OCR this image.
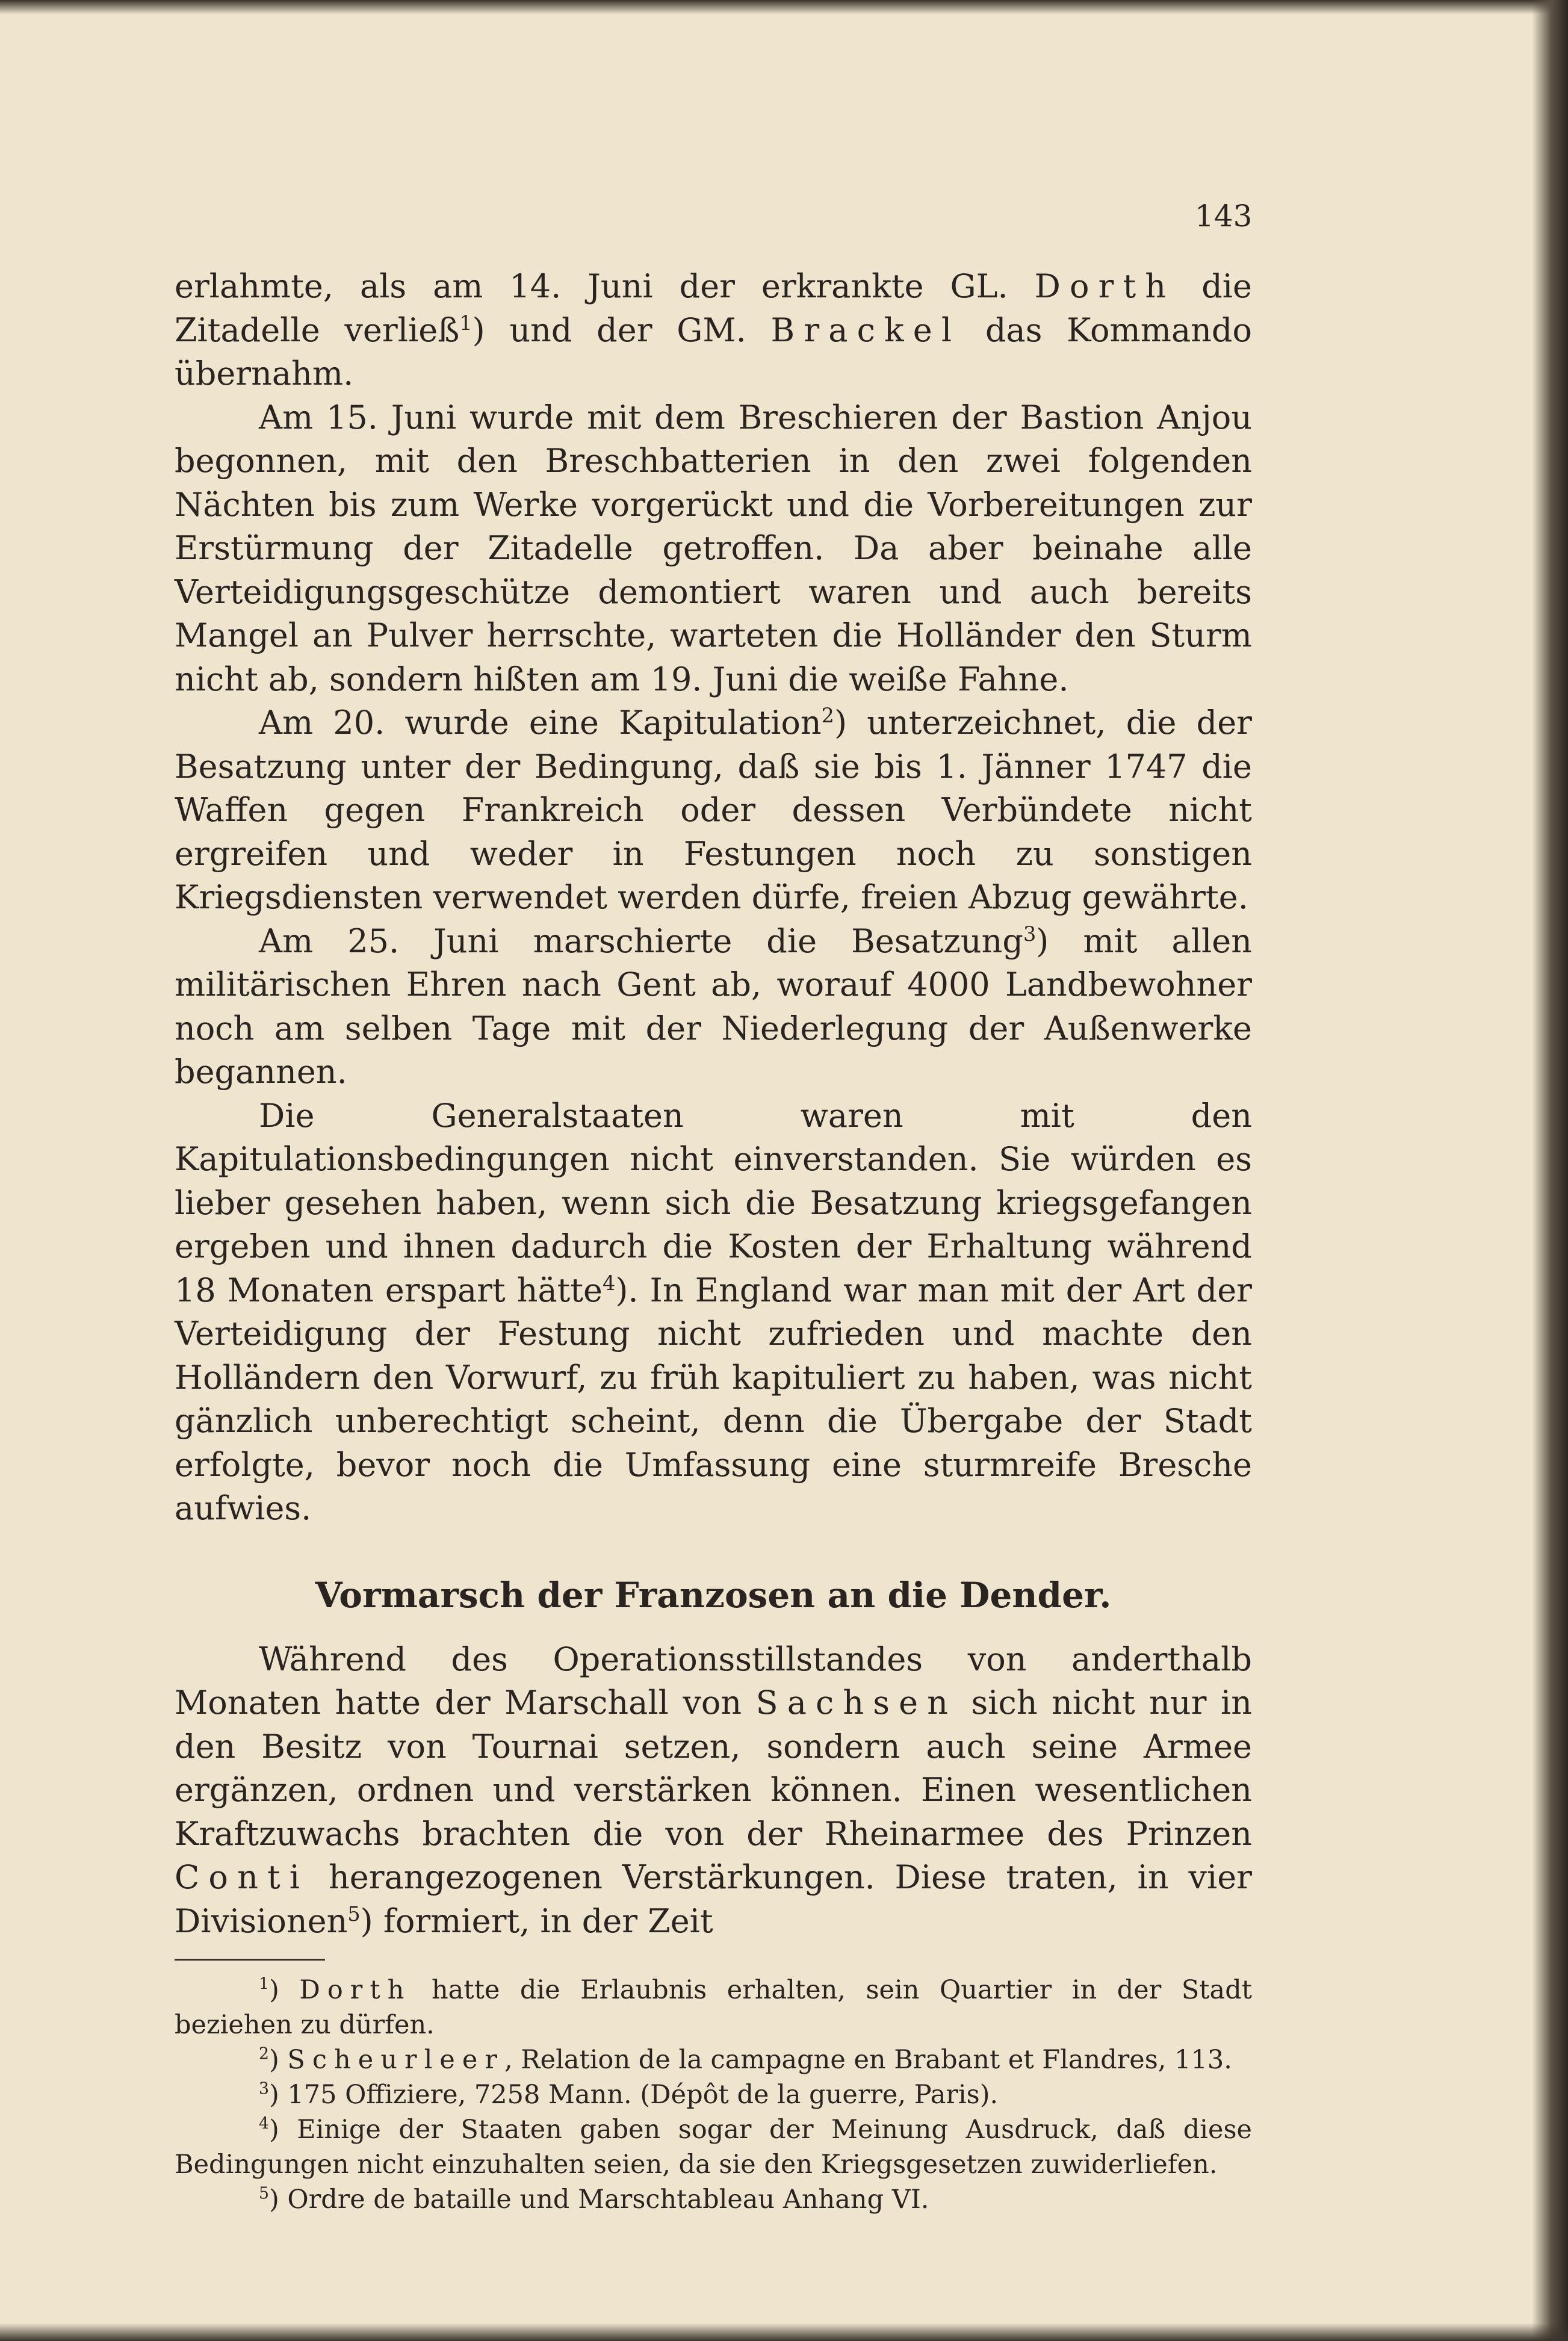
143

erlahmte, als am 14. Juni der erkrankte GL. Dorth die Zitadelle verließ$^1$) und der GM. Brackel das Kommando übernahm.

Am 15. Juni wurde mit dem Breschieren der Bastion Anjou begonnen, mit den Breschbatterien in den zwei folgenden Nächten bis zum Werke vorgerückt und die Vorbereitungen zur Erstürmung der Zitadelle getroffen. Da aber beinahe alle Verteidigungsgeschütze demontiert waren und auch bereits Mangel an Pulver herrschte, warteten die Holländer den Sturm nicht ab, sondern hißten am 19. Juni die weiße Fahne.

Am 20. wurde eine Kapitulation$^2$) unterzeichnet, die der Besatzung unter der Bedingung, daß sie bis 1. Jänner 1747 die Waffen gegen Frankreich oder dessen Verbündete nicht ergreifen und weder in Festungen noch zu sonstigen Kriegsdiensten verwendet werden dürfe, freien Abzug gewährte.

Am 25. Juni marschierte die Besatzung$^3$) mit allen militärischen Ehren nach Gent ab, worauf 4000 Landbewohner noch am selben Tage mit der Niederlegung der Außenwerke begannen.

Die Generalstaaten waren mit den Kapitulationsbedingungen nicht einverstanden. Sie würden es lieber gesehen haben, wenn sich die Besatzung kriegsgefangen ergeben und ihnen dadurch die Kosten der Erhaltung während 18 Monaten erspart hätte$^4$). In England war man mit der Art der Verteidigung der Festung nicht zufrieden und machte den Holländern den Vorwurf, zu früh kapituliert zu haben, was nicht gänzlich unberechtigt scheint, denn die Übergabe der Stadt erfolgte, bevor noch die Umfassung eine sturmreife Bresche aufwies.

Vormarsch der Franzosen an die Dender.

Während des Operationsstillstandes von anderthalb Monaten hatte der Marschall von Sachsen sich nicht nur in den Besitz von Tournai setzen, sondern auch seine Armee ergänzen, ordnen und verstärken können. Einen wesentlichen Kraftzuwachs brachten die von der Rheinarmee des Prinzen Conti herangezogenen Verstärkungen. Diese traten, in vier Divisionen$^5$) formiert, in der Zeit

$^1$) Dorth hatte die Erlaubnis erhalten, sein Quartier in der Stadt beziehen zu dürfen.

$^2$) Scheurleer, Relation de la campagne en Brabant et Flandres, 113.

$^3$) 175 Offiziere, 7258 Mann. (Dépôt de la guerre, Paris).

$^4$) Einige der Staaten gaben sogar der Meinung Ausdruck, daß diese Bedingungen nicht einzuhalten seien, da sie den Kriegsgesetzen zuwiderliefen.

$^5$) Ordre de bataille und Marschtableau Anhang VI.
